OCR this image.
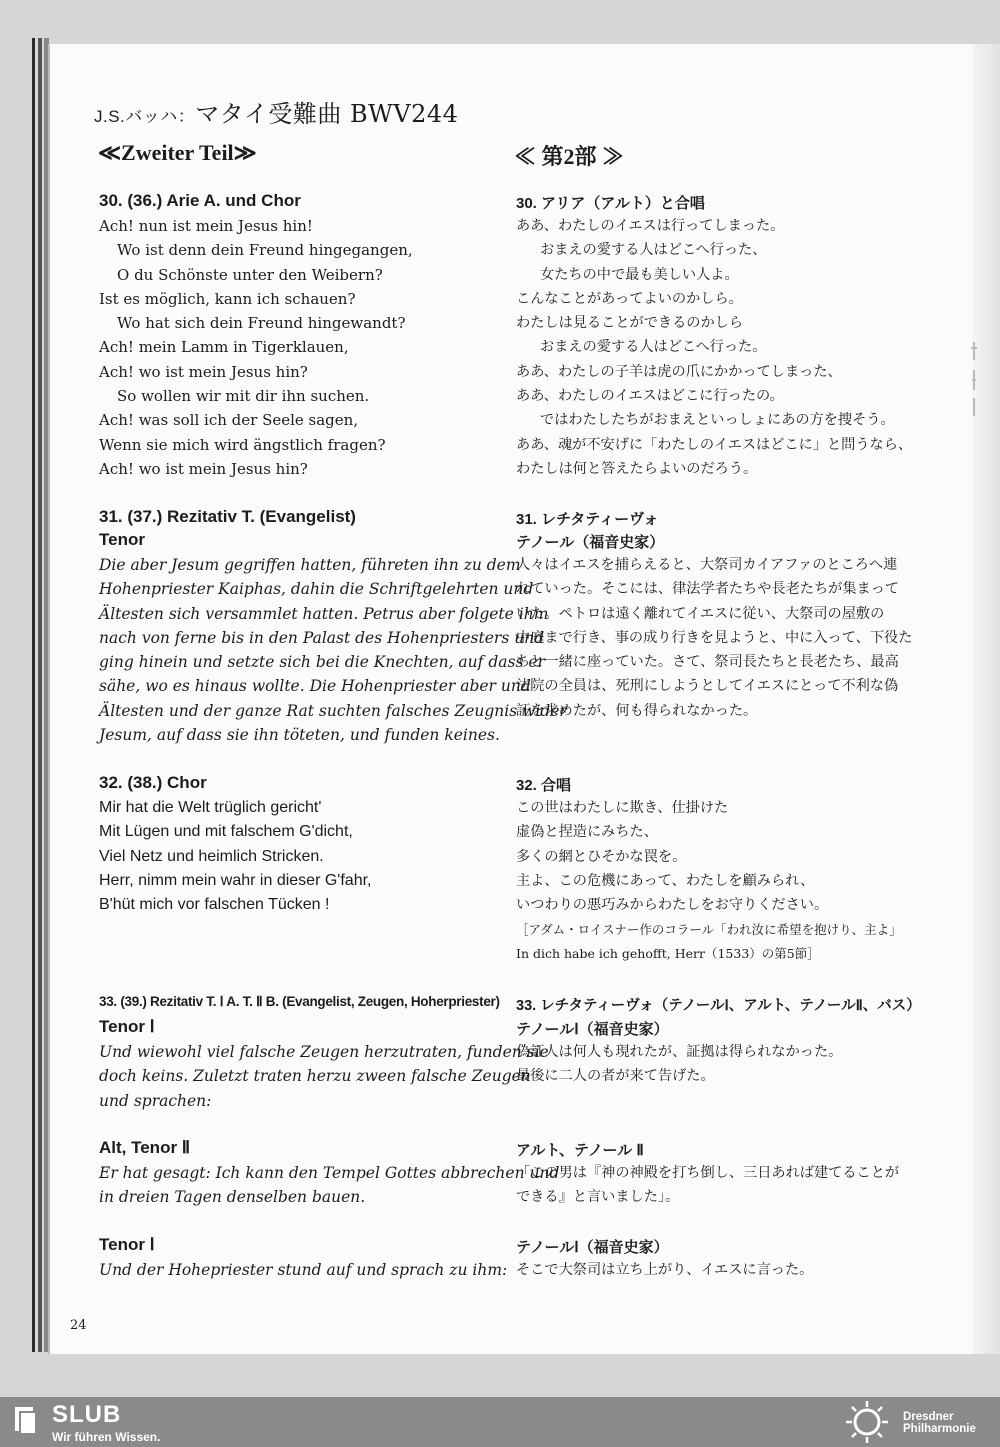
J.S.バッハ：マタイ受難曲 BWV244
≪Zweiter Teil≫	≪ 第2部 ≫
30. (36.) Arie A. und Chor
Ach! nun ist mein Jesus hin!
Wo ist denn dein Freund hingegangen,
O du Schönste unter den Weibern?
Ist es möglich, kann ich schauen?
Wo hat sich dein Freund hingewandt?
Ach! mein Lamm in Tigerklauen,
Ach! wo ist mein Jesus hin?
So wollen wir mit dir ihn suchen.
Ach! was soll ich der Seele sagen,
Wenn sie mich wird ängstlich fragen?
Ach! wo ist mein Jesus hin?
30. アリア（アルト）と合唱
ああ、わたしのイエスは行ってしまった。
おまえの愛する人はどこへ行った、
女たちの中で最も美しい人よ。
こんなことがあってよいのかしら。
わたしは見ることができるのかしら
おまえの愛する人はどこへ行った。
ああ、わたしの子羊は虎の爪にかかってしまった、
ああ、わたしのイエスはどこに行ったの。
ではわたしたちがおまえといっしょにあの方を捜そう。
ああ、魂が不安げに「わたしのイエスはどこに」と問うなら、
わたしは何と答えたらよいのだろう。
31. (37.) Rezitativ T. (Evangelist)
Tenor
Die aber Jesum gegriffen hatten, führeten ihn zu dem
Hohenpriester Kaiphas, dahin die Schriftgelehrten und
Ältesten sich versammlet hatten. Petrus aber folgete ihm
nach von ferne bis in den Palast des Hohenpriesters und
ging hinein und setzte sich bei die Knechten, auf dass er
sähe, wo es hinaus wollte. Die Hohenpriester aber und
Ältesten und der ganze Rat suchten falsches Zeugnis wider
Jesum, auf dass sie ihn töteten, und funden keines.
31. レチタティーヴォ
テノール（福音史家）
人々はイエスを捕らえると、大祭司カイアファのところへ連
れていった。そこには、律法学者たちや長老たちが集まって
いた。ペトロは遠く離れてイエスに従い、大祭司の屋敷の
中庭まで行き、事の成り行きを見ようと、中に入って、下役た
ちと一緒に座っていた。さて、祭司長たちと長老たち、最高
法院の全員は、死刑にしようとしてイエスにとって不利な偽
証を求めたが、何も得られなかった。
32. (38.) Chor
Mir hat die Welt trüglich gericht'
Mit Lügen und mit falschem G'dicht,
Viel Netz und heimlich Stricken.
Herr, nimm mein wahr in dieser G'fahr,
B'hüt mich vor falschen Tücken !
32. 合唱
この世はわたしに欺き、仕掛けた
虚偽と捏造にみちた、
多くの網とひそかな罠を。
主よ、この危機にあって、わたしを顧みられ、
いつわりの悪巧みからわたしをお守りください。
［アダム・ロイスナー作のコラール「われ汝に希望を抱けり、主よ」
In dich habe ich gehofft, Herr（1533）の第5節］
33. (39.) Rezitativ T. Ⅰ A. T. Ⅱ B. (Evangelist, Zeugen, Hoherpriester)
Tenor Ⅰ
Und wiewohl viel falsche Zeugen herzutraten, funden sie
doch keins. Zuletzt traten herzu zween falsche Zeugen
und sprachen:
Alt, Tenor Ⅱ
Er hat gesagt: Ich kann den Tempel Gottes abbrechen und
in dreien Tagen denselben bauen.
Tenor Ⅰ
Und der Hohepriester stund auf und sprach zu ihm:
33. レチタティーヴォ（テノールⅠ、アルト、テノールⅡ、バス）
テノールⅠ（福音史家）
偽証人は何人も現れたが、証拠は得られなかった。
最後に二人の者が来て告げた。
アルト、テノール Ⅱ
「この男は『神の神殿を打ち倒し、三日あれば建てることが
できる』と言いました」。
テノールⅠ（福音史家）
そこで大祭司は立ち上がり、イエスに言った。
24
SLUB
Wir führen Wissen.
Dresdner
Philharmonie
